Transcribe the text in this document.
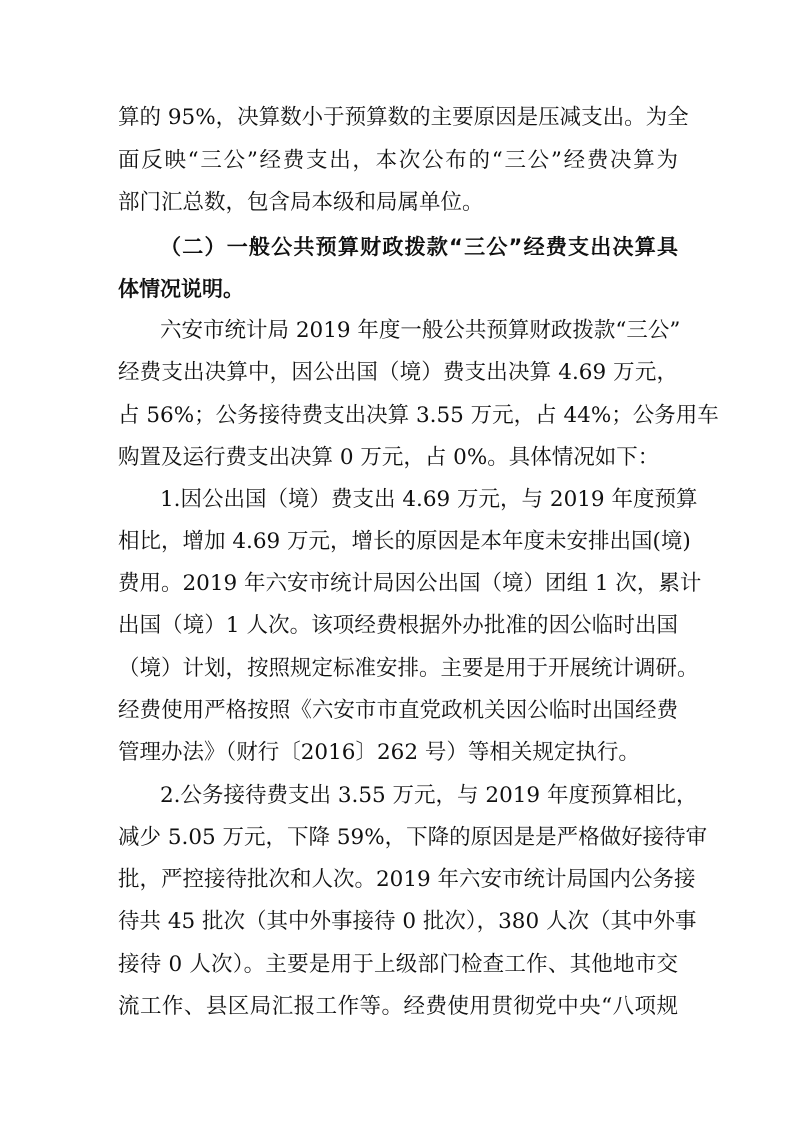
算的 95%，决算数小于预算数的主要原因是压减支出。为全
面反映“三公”经费支出，本次公布的“三公”经费决算为
部门汇总数，包含局本级和局属单位。
（二）一般公共预算财政拨款“三公”经费支出决算具
体情况说明。
六安市统计局 2019 年度一般公共预算财政拨款“三公”
经费支出决算中，因公出国（境）费支出决算 4.69 万元，
占 56%；公务接待费支出决算 3.55 万元，占 44%；公务用车
购置及运行费支出决算 0 万元，占 0%。具体情况如下：
1.因公出国（境）费支出 4.69 万元，与 2019 年度预算
相比，增加 4.69 万元，增长的原因是本年度未安排出国(境)
费用。2019 年六安市统计局因公出国（境）团组 1 次，累计
出国（境）1 人次。该项经费根据外办批准的因公临时出国
（境）计划，按照规定标准安排。主要是用于开展统计调研。
经费使用严格按照《六安市市直党政机关因公临时出国经费
管理办法》（财行〔2016〕262 号）等相关规定执行。
2.公务接待费支出 3.55 万元，与 2019 年度预算相比，
减少 5.05 万元，下降 59%，下降的原因是是严格做好接待审
批，严控接待批次和人次。2019 年六安市统计局国内公务接
待共 45 批次（其中外事接待 0 批次），380 人次（其中外事
接待 0 人次）。主要是用于上级部门检查工作、其他地市交
流工作、县区局汇报工作等。经费使用贯彻党中央“八项规
